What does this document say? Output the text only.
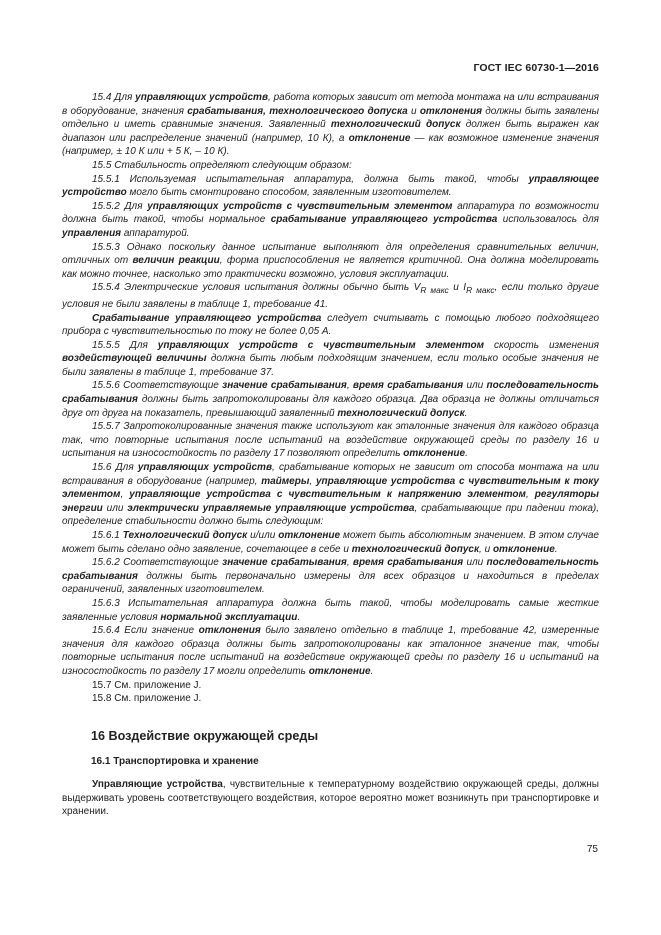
ГОСТ IEC 60730-1—2016

15.4 Для управляющих устройств, работа которых зависит от метода монтажа на или встраивания в оборудование, значения срабатывания, технологического допуска и отклонения должны быть заявлены отдельно и иметь сравнимые значения. Заявленный технологический допуск должен быть выражен как диапазон или распределение значений (например, 10 К), а отклонение — как возможное изменение значения (например, ± 10 К или + 5 К, – 10 К).

15.5 Стабильность определяют следующим образом:

15.5.1 Используемая испытательная аппаратура, должна быть такой, чтобы управляющее устройство могло быть смонтировано способом, заявленным изготовителем.

15.5.2 Для управляющих устройств с чувствительным элементом аппаратура по возможности должна быть такой, чтобы нормальное срабатывание управляющего устройства использовалось для управления аппаратурой.

15.5.3 Однако поскольку данное испытание выполняют для определения сравнительных величин, отличных от величин реакции, форма приспособления не является критичной. Она должна моделировать как можно точнее, насколько это практически возможно, условия эксплуатации.

15.5.4 Электрические условия испытания должны обычно быть $V_{R макс}$ и $I_{R макс}$, если только другие условия не были заявлены в таблице 1, требование 41.

Срабатывание управляющего устройства следует считывать с помощью любого подходящего прибора с чувствительностью по току не более 0,05 А.

15.5.5 Для управляющих устройств с чувствительным элементом скорость изменения воздействующей величины должна быть любым подходящим значением, если только особые значения не были заявлены в таблице 1, требование 37.

15.5.6 Соответствующие значение срабатывания, время срабатывания или последовательность срабатывания должны быть запротоколированы для каждого образца. Два образца не должны отличаться друг от друга на показатель, превышающий заявленный технологический допуск.

15.5.7 Запротоколированные значения также используют как эталонные значения для каждого образца так, что повторные испытания после испытаний на воздействие окружающей среды по разделу 16 и испытания на износостойкость по разделу 17 позволяют определить отклонение.

15.6 Для управляющих устройств, срабатывание которых не зависит от способа монтажа на или встраивания в оборудование (например, таймеры, управляющие устройства с чувствительным к току элементом, управляющие устройства с чувствительным к напряжению элементом, регуляторы энергии или электрически управляемые управляющие устройства, срабатывающие при падении тока), определение стабильности должно быть следующим:

15.6.1 Технологический допуск и/или отклонение может быть абсолютным значением. В этом случае может быть сделано одно заявление, сочетающее в себе и технологический допуск, и отклонение.

15.6.2 Соответствующие значение срабатывания, время срабатывания или последовательность срабатывания должны быть первоначально измерены для всех образцов и находиться в пределах ограничений, заявленных изготовителем.

15.6.3 Испытательная аппаратура должна быть такой, чтобы моделировать самые жесткие заявленные условия нормальной эксплуатации.

15.6.4 Если значение отклонения было заявлено отдельно в таблице 1, требование 42, измеренные значения для каждого образца должны быть запротоколированы как эталонное значение так, чтобы повторные испытания после испытаний на воздействие окружающей среды по разделу 16 и испытаний на износостойкость по разделу 17 могли определить отклонение.

15.7 См. приложение J.

15.8 См. приложение J.

16 Воздействие окружающей среды
16.1 Транспортировка и хранение

Управляющие устройства, чувствительные к температурному воздействию окружающей среды, должны выдерживать уровень соответствующего воздействия, которое вероятно может возникнуть при транспортировке и хранении.

75
